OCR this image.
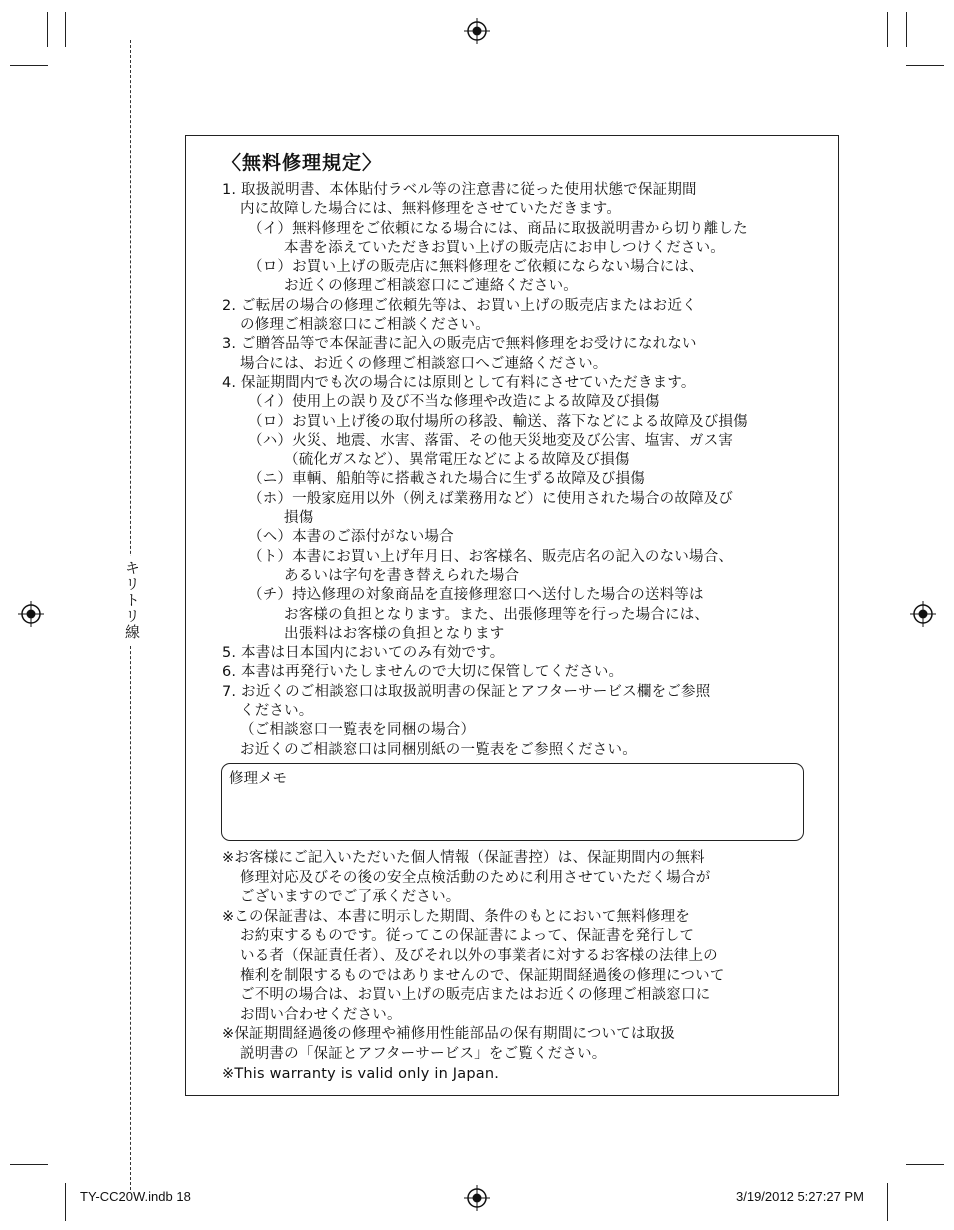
キリトリ線
〈無料修理規定〉

1. 取扱説明書、本体貼付ラベル等の注意書に従った使用状態で保証期間

内に故障した場合には、無料修理をさせていただきます。

（イ）無料修理をご依頼になる場合には、商品に取扱説明書から切り離した

本書を添えていただきお買い上げの販売店にお申しつけください。

（ロ）お買い上げの販売店に無料修理をご依頼にならない場合には、

お近くの修理ご相談窓口にご連絡ください。

2. ご転居の場合の修理ご依頼先等は、お買い上げの販売店またはお近く

の修理ご相談窓口にご相談ください。

3. ご贈答品等で本保証書に記入の販売店で無料修理をお受けになれない

場合には、お近くの修理ご相談窓口へご連絡ください。

4. 保証期間内でも次の場合には原則として有料にさせていただきます。

（イ）使用上の誤り及び不当な修理や改造による故障及び損傷

（ロ）お買い上げ後の取付場所の移設、輸送、落下などによる故障及び損傷

（ハ）火災、地震、水害、落雷、その他天災地変及び公害、塩害、ガス害

（硫化ガスなど）、異常電圧などによる故障及び損傷

（ニ）車輌、船舶等に搭載された場合に生ずる故障及び損傷

（ホ）一般家庭用以外（例えば業務用など）に使用された場合の故障及び

損傷

（ヘ）本書のご添付がない場合

（ト）本書にお買い上げ年月日、お客様名、販売店名の記入のない場合、

あるいは字句を書き替えられた場合

（チ）持込修理の対象商品を直接修理窓口へ送付した場合の送料等は

お客様の負担となります。また、出張修理等を行った場合には、

出張料はお客様の負担となります

5. 本書は日本国内においてのみ有効です。

6. 本書は再発行いたしませんので大切に保管してください。

7. お近くのご相談窓口は取扱説明書の保証とアフターサービス欄をご参照

ください。

（ご相談窓口一覧表を同梱の場合）

お近くのご相談窓口は同梱別紙の一覧表をご参照ください。

修理メモ

※お客様にご記入いただいた個人情報（保証書控）は、保証期間内の無料

修理対応及びその後の安全点検活動のために利用させていただく場合が

ございますのでご了承ください。

※この保証書は、本書に明示した期間、条件のもとにおいて無料修理を

お約束するものです。従ってこの保証書によって、保証書を発行して

いる者（保証責任者）、及びそれ以外の事業者に対するお客様の法律上の

権利を制限するものではありませんので、保証期間経過後の修理について

ご不明の場合は、お買い上げの販売店またはお近くの修理ご相談窓口に

お問い合わせください。

※保証期間経過後の修理や補修用性能部品の保有期間については取扱

説明書の「保証とアフターサービス」をご覧ください。

※This warranty is valid only in Japan.

TY-CC20W.indb 18	3/19/2012 5:27:27 PM
